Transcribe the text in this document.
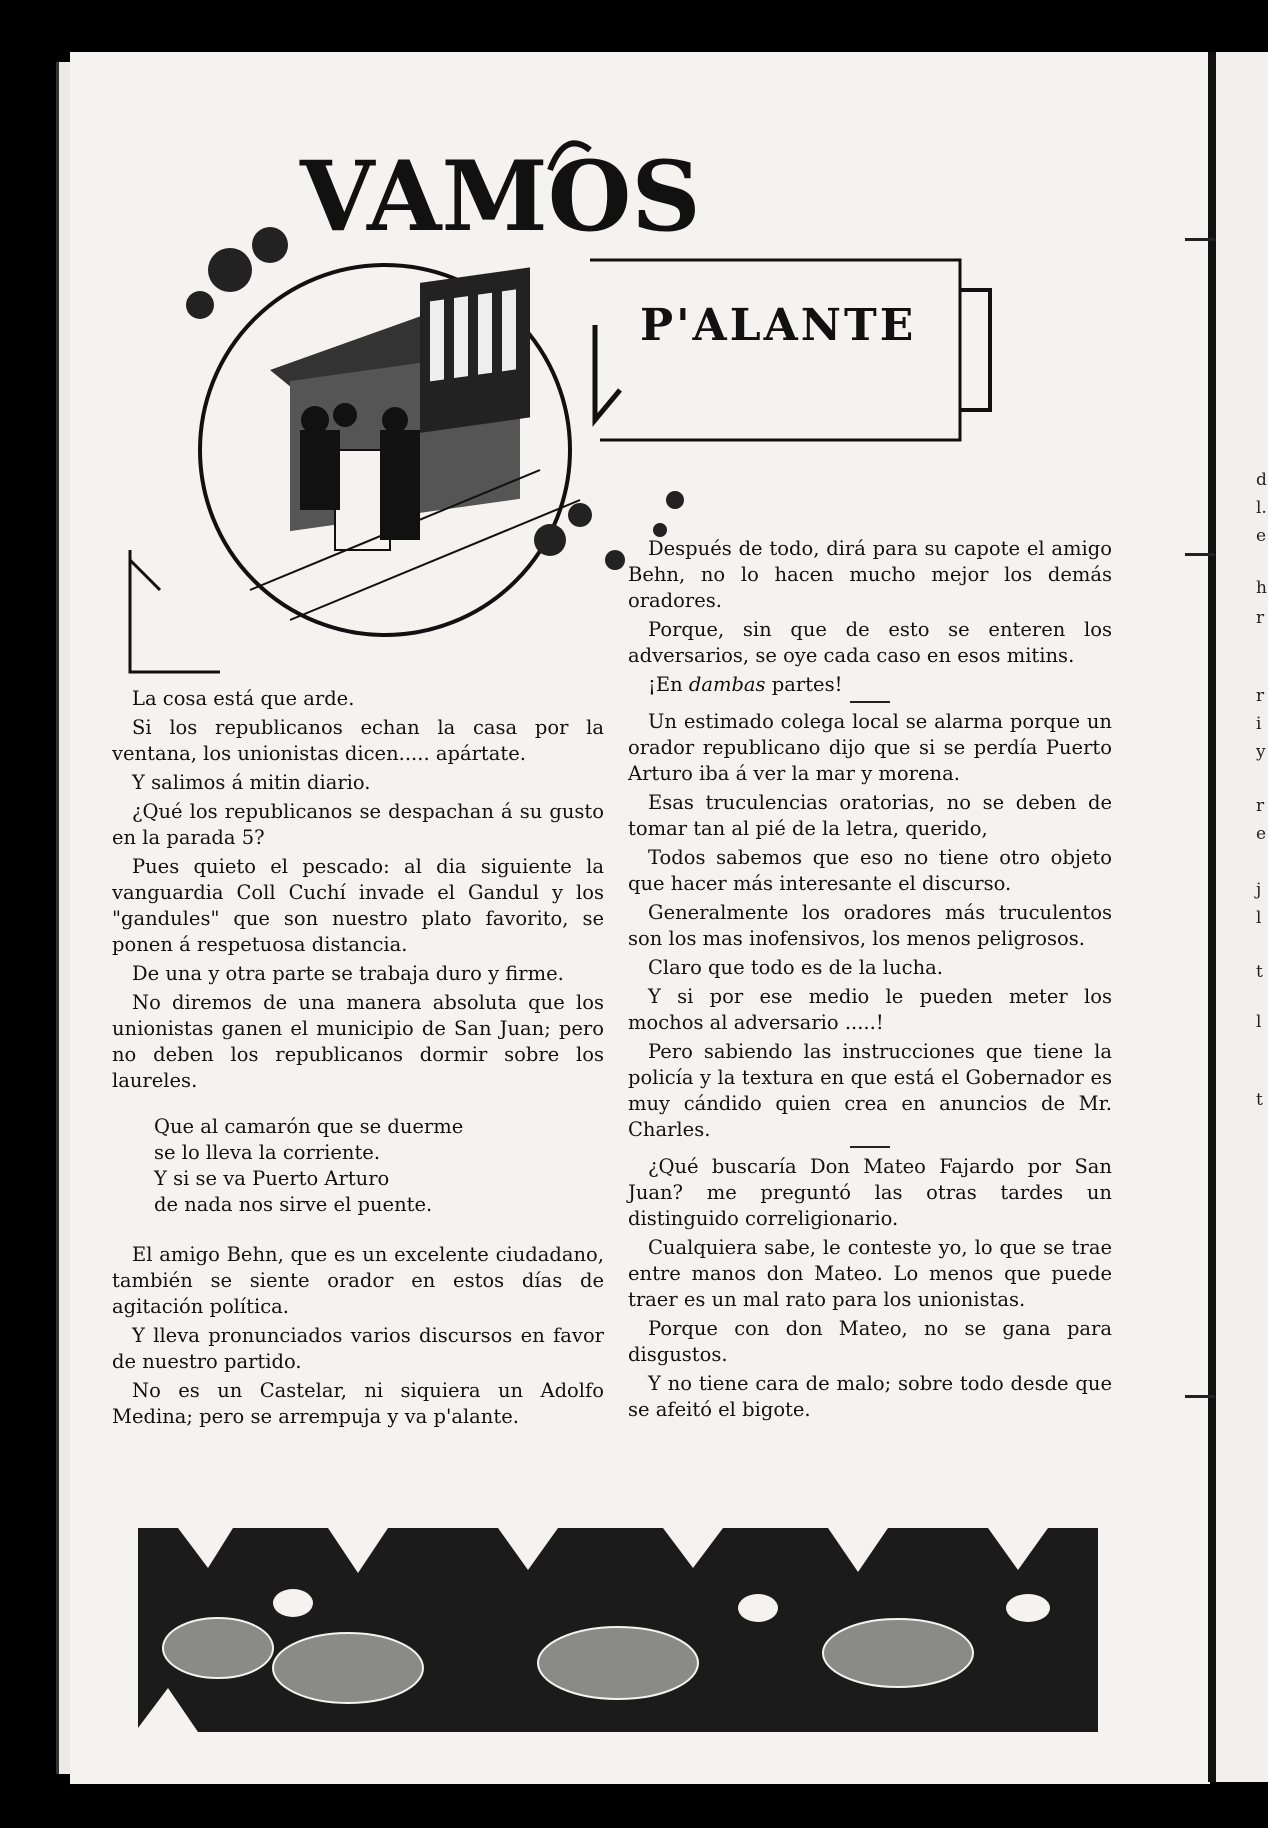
d
l.
e
h
r
r
i
y
r
e
j
l
t
l
t
VAMOS
P'ALANTE

La cosa está que arde.

Si los republicanos echan la casa por la ventana, los unionistas dicen..... apártate.

Y salimos á mitin diario.

¿Qué los republicanos se despachan á su gusto en la parada 5?

Pues quieto el pescado: al dia siguiente la vanguardia Coll Cuchí invade el Gandul y los "gandules" que son nuestro plato favorito, se ponen á respetuosa distancia.

De una y otra parte se trabaja duro y firme.

No diremos de una manera absoluta que los unionistas ganen el municipio de San Juan; pero no deben los republicanos dormir sobre los laureles.

Que al camarón que se duerme
se lo lleva la corriente.
Y si se va Puerto Arturo
de nada nos sirve el puente.

El amigo Behn, que es un excelente ciudadano, también se siente orador en estos días de agitación política.

Y lleva pronunciados varios discursos en favor de nuestro partido.

No es un Castelar, ni siquiera un Adolfo Medina; pero se arrempuja y va p'alante.

Después de todo, dirá para su capote el amigo Behn, no lo hacen mucho mejor los demás oradores.

Porque, sin que de esto se enteren los adversarios, se oye cada caso en esos mitins.

¡En dambas partes!

Un estimado colega local se alarma porque un orador republicano dijo que si se perdía Puerto Arturo iba á ver la mar y morena.

Esas truculencias oratorias, no se deben de tomar tan al pié de la letra, querido,

Todos sabemos que eso no tiene otro objeto que hacer más interesante el discurso.

Generalmente los oradores más truculentos son los mas inofensivos, los menos peligrosos.

Claro que todo es de la lucha.

Y si por ese medio le pueden meter los mochos al adversario .....!

Pero sabiendo las instrucciones que tiene la policía y la textura en que está el Gobernador es muy cándido quien crea en anuncios de Mr. Charles.

¿Qué buscaría Don Mateo Fajardo por San Juan? me preguntó las otras tardes un distinguido correligionario.

Cualquiera sabe, le conteste yo, lo que se trae entre manos don Mateo. Lo menos que puede traer es un mal rato para los unionistas.

Porque con don Mateo, no se gana para disgustos.

Y no tiene cara de malo; sobre todo desde que se afeitó el bigote.
